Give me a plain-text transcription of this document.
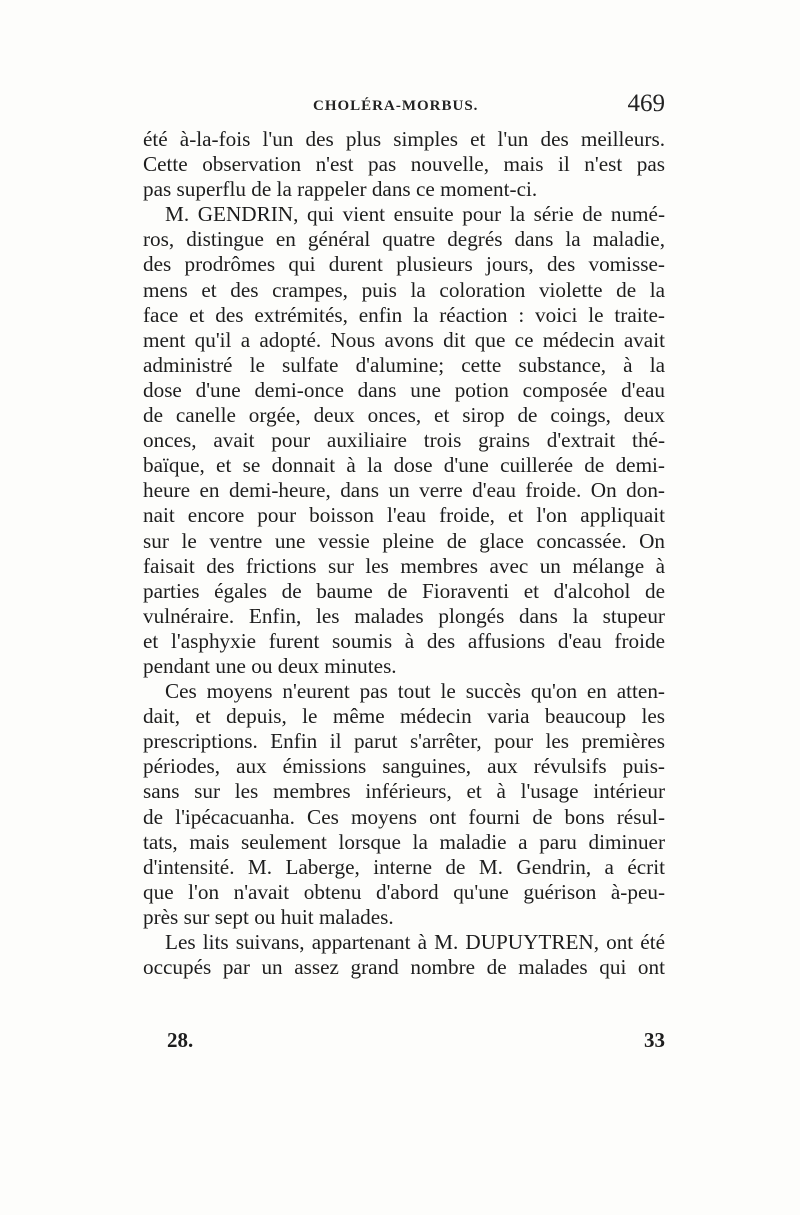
CHOLÉRA-MORBUS.	469

été à-la-fois l'un des plus simples et l'un des meilleurs.
Cette observation n'est pas nouvelle, mais il n'est pas
pas superflu de la rappeler dans ce moment-ci.

M. GENDRIN, qui vient ensuite pour la série de numé-
ros, distingue en général quatre degrés dans la maladie,
des prodrômes qui durent plusieurs jours, des vomisse-
mens et des crampes, puis la coloration violette de la
face et des extrémités, enfin la réaction : voici le traite-
ment qu'il a adopté. Nous avons dit que ce médecin avait
administré le sulfate d'alumine; cette substance, à la
dose d'une demi-once dans une potion composée d'eau
de canelle orgée, deux onces, et sirop de coings, deux
onces, avait pour auxiliaire trois grains d'extrait thé-
baïque, et se donnait à la dose d'une cuillerée de demi-
heure en demi-heure, dans un verre d'eau froide. On don-
nait encore pour boisson l'eau froide, et l'on appliquait
sur le ventre une vessie pleine de glace concassée. On
faisait des frictions sur les membres avec un mélange à
parties égales de baume de Fioraventi et d'alcohol de
vulnéraire. Enfin, les malades plongés dans la stupeur
et l'asphyxie furent soumis à des affusions d'eau froide
pendant une ou deux minutes.

Ces moyens n'eurent pas tout le succès qu'on en atten-
dait, et depuis, le même médecin varia beaucoup les
prescriptions. Enfin il parut s'arrêter, pour les premières
périodes, aux émissions sanguines, aux révulsifs puis-
sans sur les membres inférieurs, et à l'usage intérieur
de l'ipécacuanha. Ces moyens ont fourni de bons résul-
tats, mais seulement lorsque la maladie a paru diminuer
d'intensité. M. Laberge, interne de M. Gendrin, a écrit
que l'on n'avait obtenu d'abord qu'une guérison à-peu-
près sur sept ou huit malades.

Les lits suivans, appartenant à M. DUPUYTREN, ont été
occupés par un assez grand nombre de malades qui ont

28.	33
